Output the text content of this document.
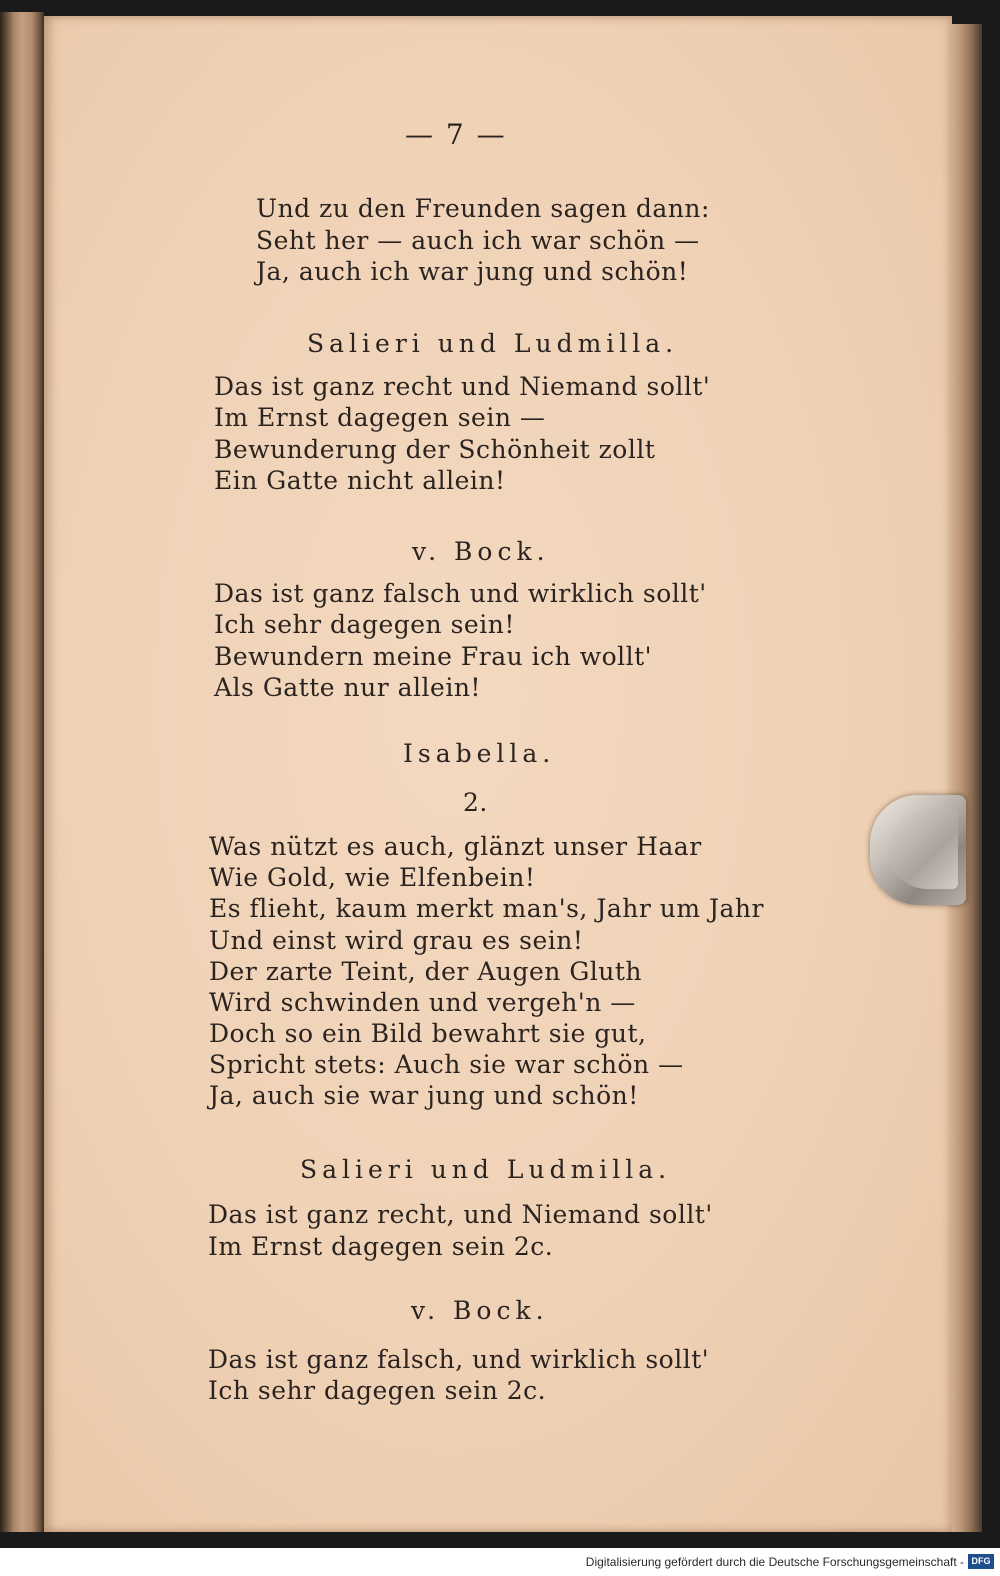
— 7 —
Und zu den Freunden sagen dann:
Seht her — auch ich war schön —
Ja, auch ich war jung und schön!
Salieri und Ludmilla.
Das ist ganz recht und Niemand sollt'
Im Ernst dagegen sein —
Bewunderung der Schönheit zollt
Ein Gatte nicht allein!
v. Bock.
Das ist ganz falsch und wirklich sollt'
Ich sehr dagegen sein!
Bewundern meine Frau ich wollt'
Als Gatte nur allein!
Isabella.
2.
Was nützt es auch, glänzt unser Haar
Wie Gold, wie Elfenbein!
Es flieht, kaum merkt man's, Jahr um Jahr
Und einst wird grau es sein!
Der zarte Teint, der Augen Gluth
Wird schwinden und vergeh'n —
Doch so ein Bild bewahrt sie gut,
Spricht stets: Auch sie war schön —
Ja, auch sie war jung und schön!
Salieri und Ludmilla.
Das ist ganz recht, und Niemand sollt'
Im Ernst dagegen sein 2c.
v. Bock.
Das ist ganz falsch, und wirklich sollt'
Ich sehr dagegen sein 2c.
Digitalisierung gefördert durch die Deutsche Forschungsgemeinschaft - DFG
